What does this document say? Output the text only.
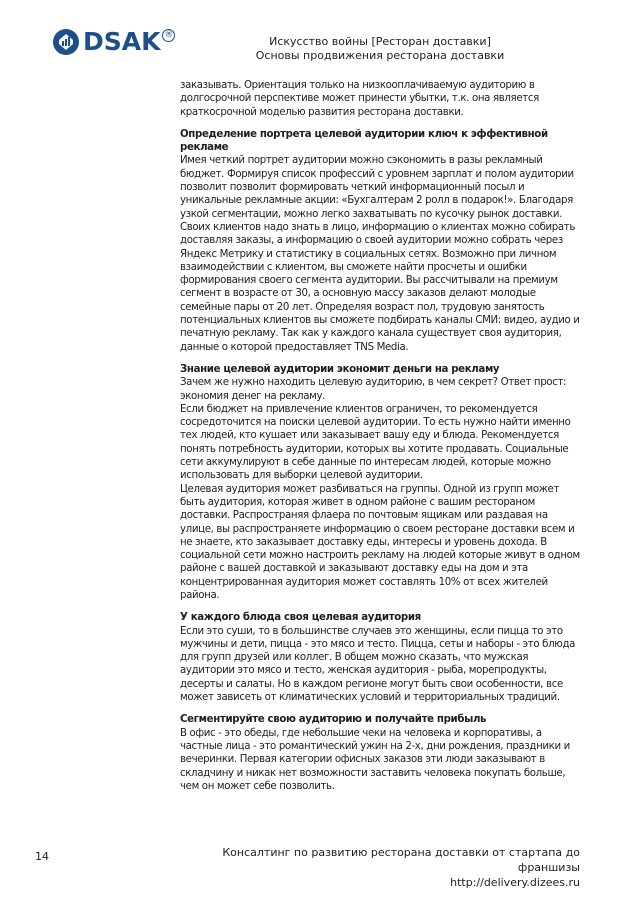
DSAK ®
Искусство войны [Ресторан доставки]
Основы продвижения ресторана доставки

заказывать. Ориентация только на низкооплачиваемую аудиторию в долгосрочной перспективе может принести убытки, т.к. она является краткосрочной моделью развития ресторана доставки.

Определение портрета целевой аудитории ключ к эффективной рекламе

Имея четкий портрет аудитории можно сэкономить в разы рекламный бюджет. Формируя список профессий с уровнем зарплат и полом аудитории позволит позволит формировать четкий информационный посыл и уникальные рекламные акции: «Бухгалтерам 2 ролл в подарок!». Благодаря узкой сегментации, можно легко захватывать по кусочку рынок доставки. Своих клиентов надо знать в лицо, информацию о клиентах можно собирать доставляя заказы, а информацию о своей аудитории можно собрать через Яндекс Метрику и статистику в социальных сетях. Возможно при личном взаимодействии с клиентом, вы сможете найти просчеты и ошибки формирования своего сегмента аудитории. Вы рассчитывали на премиум сегмент в возрасте от 30, а основную массу заказов делают молодые семейные пары от 20 лет. Определяя возраст пол, трудовую занятость потенциальных клиентов вы сможете подбирать каналы СМИ: видео, аудио и печатную рекламу. Так как у каждого канала существует своя аудитория, данные о которой предоставляет TNS Media.

Знание целевой аудитории экономит деньги на рекламу

Зачем же нужно находить целевую аудиторию, в чем секрет? Ответ прост: экономия денег на рекламу.

Если бюджет на привлечение клиентов ограничен, то рекомендуется сосредоточится на поиски целевой аудитории. То есть нужно найти именно тех людей, кто кушает или заказывает вашу еду и блюда. Рекомендуется понять потребность аудитории, которых вы хотите продавать. Социальные сети аккумулируют в себе данные по интересам людей, которые можно использовать для выборки целевой аудитории.

Целевая аудитория может разбиваться на группы. Одной из групп может быть аудитория, которая живет в одном районе с вашим рестораном доставки. Распространяя флаера по почтовым ящикам или раздавая на улице, вы распространяете информацию о своем ресторане доставки всем и не знаете, кто заказывает доставку еды, интересы и уровень дохода. В социальной сети можно настроить рекламу на людей которые живут в одном районе с вашей доставкой и заказывают доставку еды на дом и эта концентрированная аудитория может составлять 10% от всех жителей района.

У каждого блюда своя целевая аудитория

Если это суши, то в большинстве случаев это женщины, если пицца то это мужчины и дети, пицца - это мясо и тесто. Пицца, сеты и наборы - это блюда для групп друзей или коллег. В общем можно сказать, что мужская аудитории это мясо и тесто, женская аудитория - рыба, морепродукты, десерты и салаты. Но в каждом регионе могут быть свои особенности, все может зависеть от климатических условий и территориальных традиций.

Сегментируйте свою аудиторию и получайте прибыль

В офис - это обеды, где небольшие чеки на человека и корпоративы, а частные лица - это романтический ужин на 2-х, дни рождения, праздники и вечеринки. Первая категории офисных заказов эти люди заказывают в складчину и никак нет возможности заставить человека покупать больше, чем он может себе позволить.

14	Консалтинг по развитию ресторана доставки от стартапа до франшизы
http://delivery.dizees.ru
